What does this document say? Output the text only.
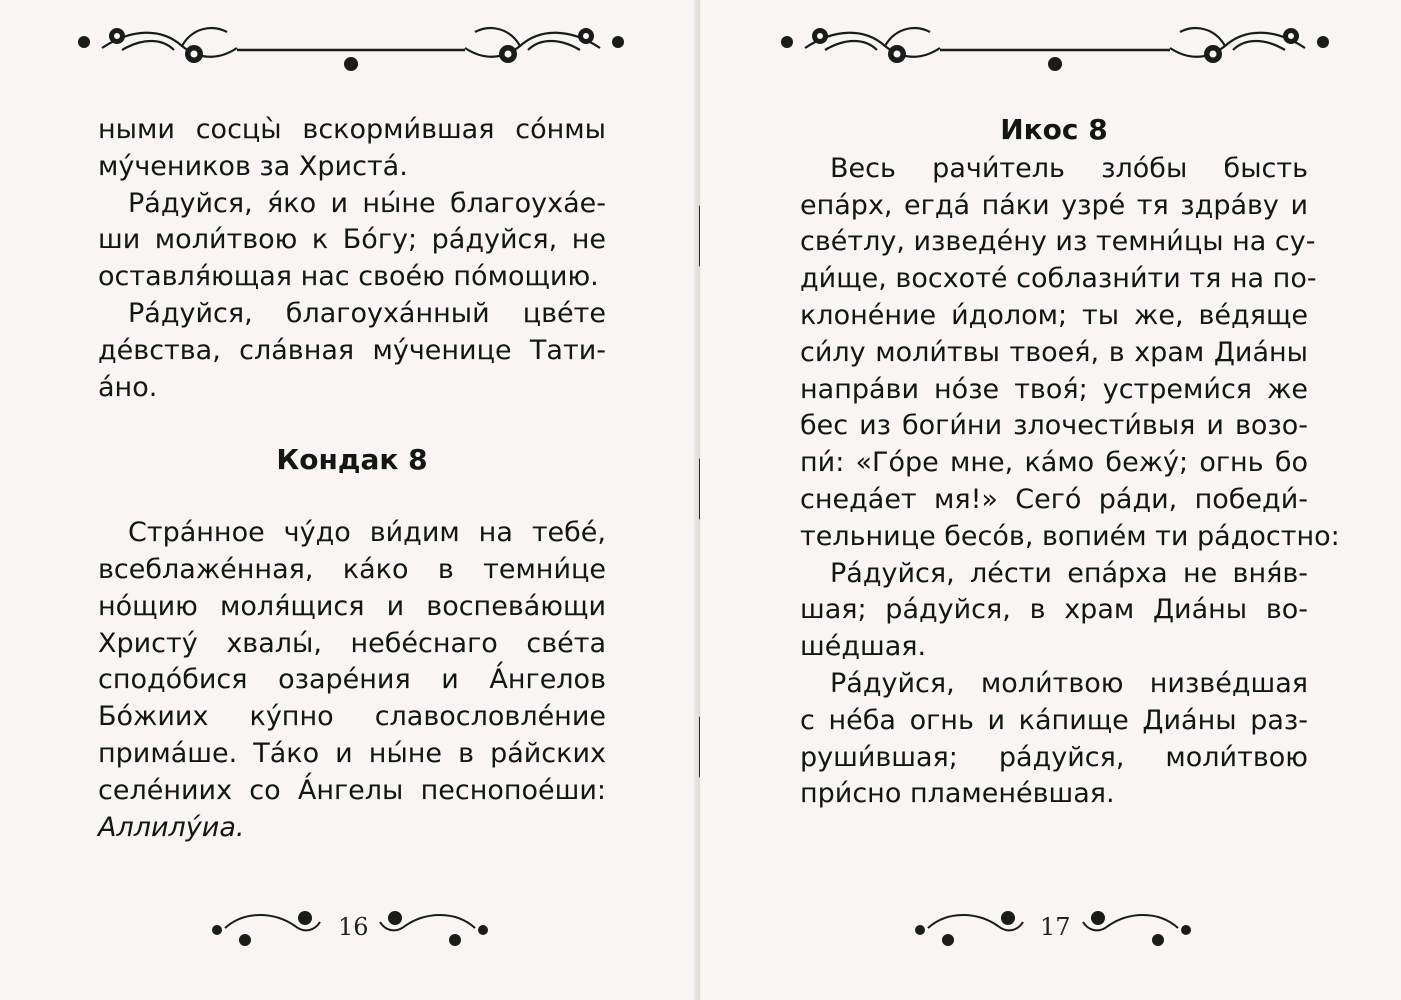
ными сосцы̀ вскорми́вшая со́нмы
му́чеников за Христа́.
Ра́дуйся, я́ко и ны́не благоуха́е-
ши моли́твою к Бо́гу; ра́дуйся, не
оставля́ющая нас свое́ю по́мощию.
Ра́дуйся, благоуха́нный цве́те
де́вства, сла́вная му́ченице Тати-
а́но.
Кондак 8
Стра́нное чу́до ви́дим на тебе́,
всеблаже́нная, ка́ко в темни́це
но́щию моля́щися и воспева́ющи
Христу́ хвалы́, небе́снаго све́та
сподо́бися озаре́ния и А́нгелов
Бо́жиих ку́пно славословле́ние
прима́ше. Та́ко и ны́не в ра́йских
селе́ниих со А́нгелы песнопое́ши:
Аллилу́иа.
16
Икос 8
Весь рачи́тель зло́бы бысть
епа́рх, егда́ па́ки узре́ тя здра́ву и
све́тлу, изведе́ну из темни́цы на су-
ди́ще, восхоте́ соблазни́ти тя на по-
клоне́ние и́долом; ты же, ве́дяще
си́лу моли́твы твоея́, в храм Диа́ны
напра́ви но́зе твоя́; устреми́ся же
бес из боги́ни злочести́выя и возо-
пи́: «Го́ре мне, ка́мо бежу́; огнь бо
снеда́ет мя!» Сего́ ра́ди, победи́-
тельнице бесо́в, вопие́м ти ра́достно:
Ра́дуйся, ле́сти епа́рха не вня́в-
шая; ра́дуйся, в храм Диа́ны во-
ше́дшая.
Ра́дуйся, моли́твою низве́дшая
с не́ба огнь и ка́пище Диа́ны раз-
руши́вшая; ра́дуйся, моли́твою
при́сно пламене́вшая.
17
